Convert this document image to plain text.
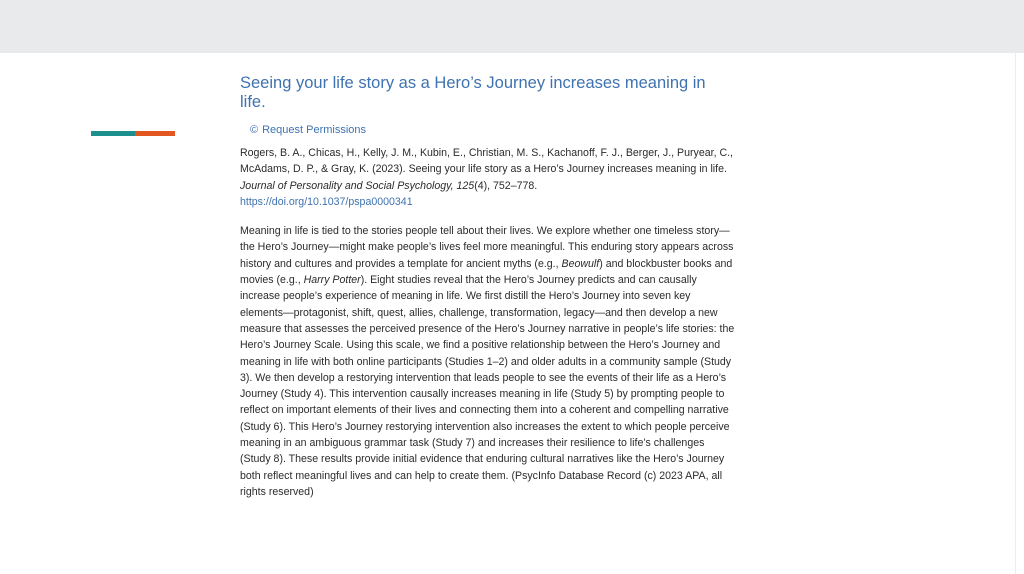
Seeing your life story as a Hero’s Journey increases meaning in life.
© Request Permissions
Rogers, B. A., Chicas, H., Kelly, J. M., Kubin, E., Christian, M. S., Kachanoff, F. J., Berger, J., Puryear, C., McAdams, D. P., & Gray, K. (2023). Seeing your life story as a Hero’s Journey increases meaning in life. Journal of Personality and Social Psychology, 125(4), 752–778.
https://doi.org/10.1037/pspa0000341

Meaning in life is tied to the stories people tell about their lives. We explore whether one timeless story—the Hero’s Journey—might make people’s lives feel more meaningful. This enduring story appears across history and cultures and provides a template for ancient myths (e.g., Beowulf) and blockbuster books and movies (e.g., Harry Potter). Eight studies reveal that the Hero’s Journey predicts and can causally increase people’s experience of meaning in life. We first distill the Hero’s Journey into seven key elements—protagonist, shift, quest, allies, challenge, transformation, legacy—and then develop a new measure that assesses the perceived presence of the Hero’s Journey narrative in people’s life stories: the Hero’s Journey Scale. Using this scale, we find a positive relationship between the Hero’s Journey and meaning in life with both online participants (Studies 1–2) and older adults in a community sample (Study 3). We then develop a restorying intervention that leads people to see the events of their life as a Hero’s Journey (Study 4). This intervention causally increases meaning in life (Study 5) by prompting people to reflect on important elements of their lives and connecting them into a coherent and compelling narrative (Study 6). This Hero’s Journey restorying intervention also increases the extent to which people perceive meaning in an ambiguous grammar task (Study 7) and increases their resilience to life’s challenges (Study 8). These results provide initial evidence that enduring cultural narratives like the Hero’s Journey both reflect meaningful lives and can help to create them. (PsycInfo Database Record (c) 2023 APA, all rights reserved)
